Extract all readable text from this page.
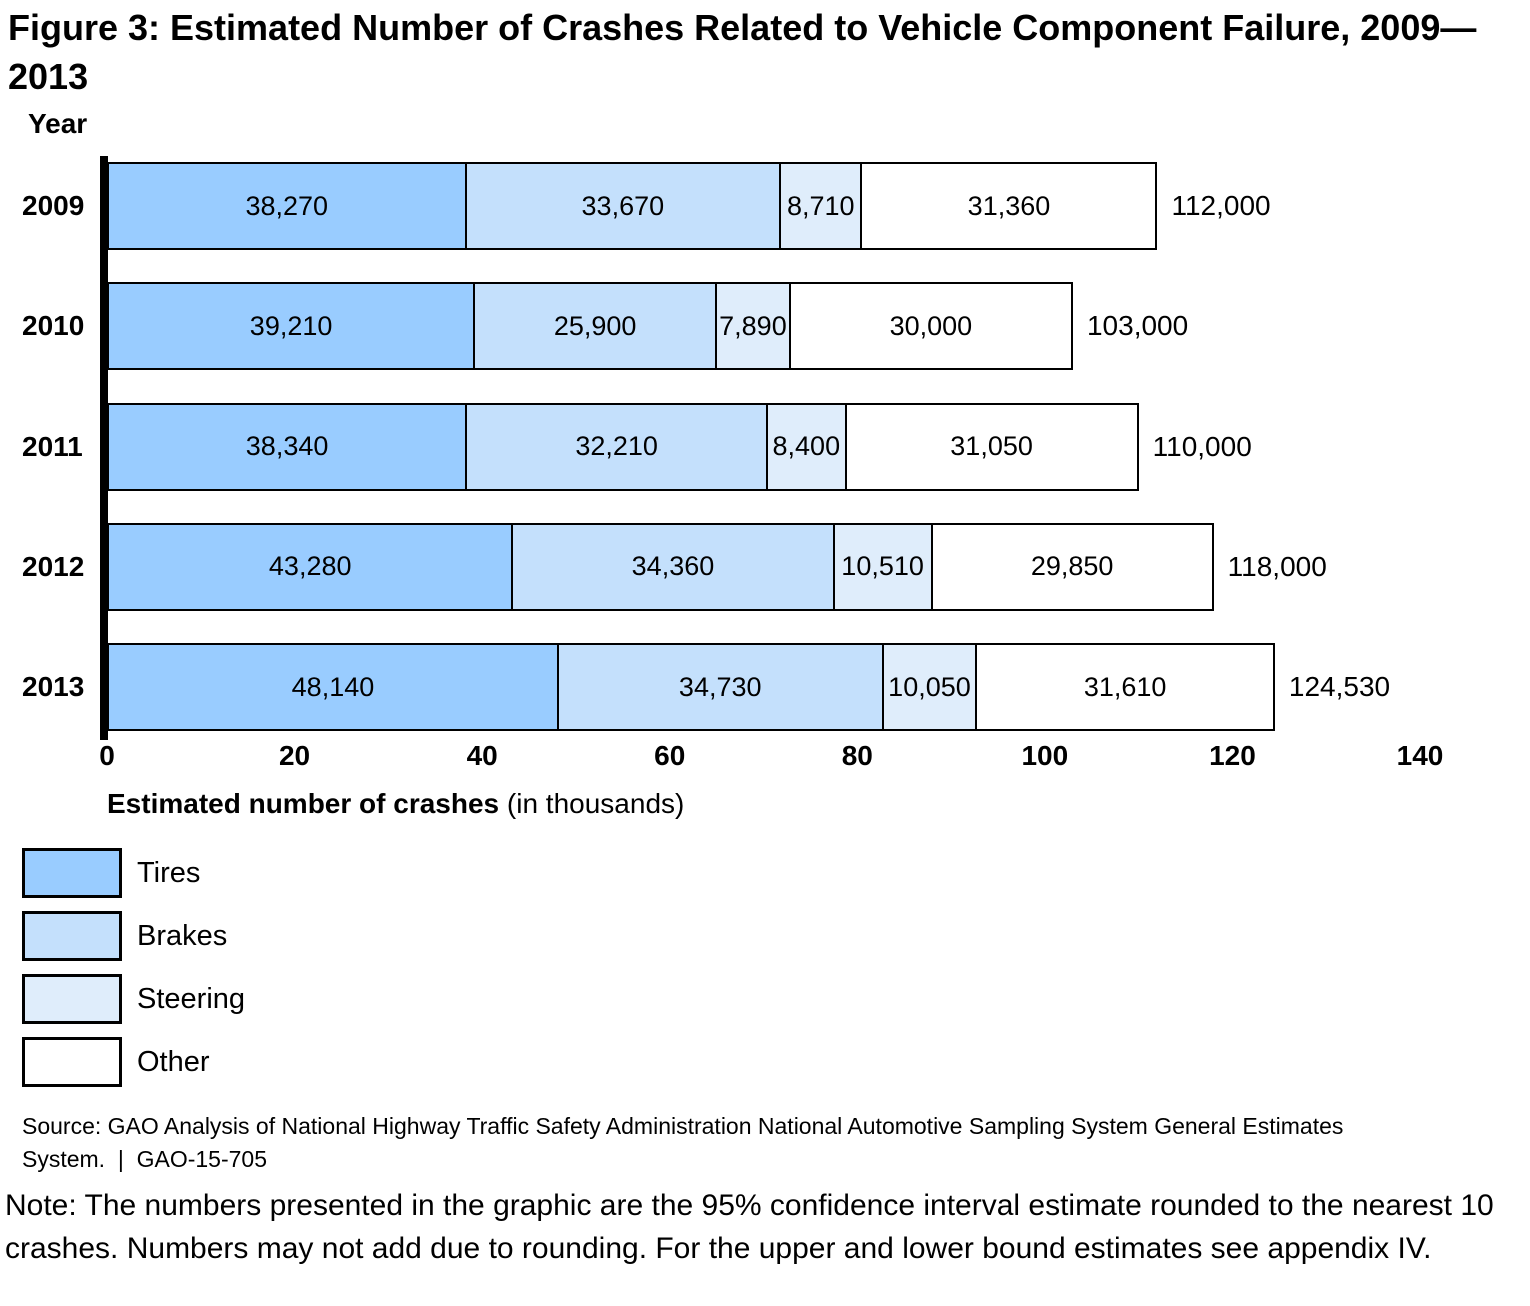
Figure 3: Estimated Number of Crashes Related to Vehicle Component Failure, 2009—2013
Year
2009	38,270	33,670	8,710	31,360	112,000
2010	39,210	25,900	7,890	30,000	103,000
2011	38,340	32,210	8,400	31,050	110,000
2012	43,280	34,360	10,510	29,850	118,000
2013	48,140	34,730	10,050	31,610	124,530
0	20	40	60	80	100	120	140
Estimated number of crashes (in thousands)
Tires
Brakes
Steering
Other
Source: GAO Analysis of National Highway Traffic Safety Administration National Automotive Sampling System General Estimates System.  |  GAO-15-705
Note: The numbers presented in the graphic are the 95% confidence interval estimate rounded to the nearest 10 crashes. Numbers may not add due to rounding. For the upper and lower bound estimates see appendix IV.
